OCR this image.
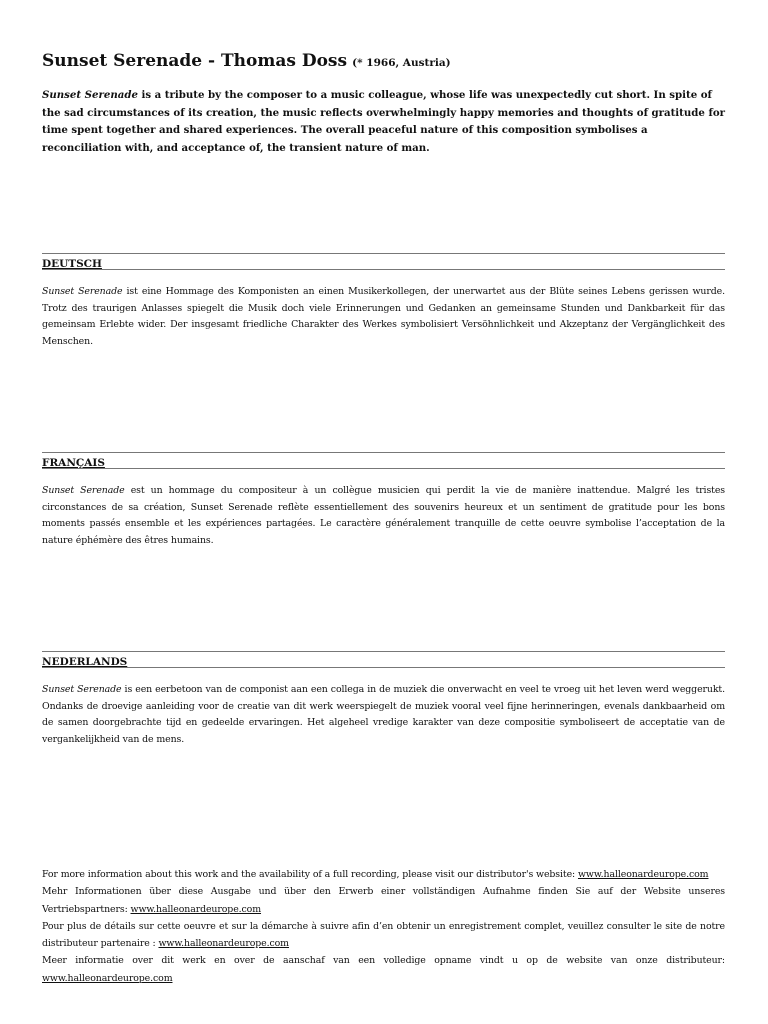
Sunset Serenade - Thomas Doss (* 1966, Austria)

Sunset Serenade is a tribute by the composer to a music colleague, whose life was unexpectedly cut short. In spite of the sad circumstances of its creation, the music reflects overwhelmingly happy memories and thoughts of gratitude for time spent together and shared experiences. The overall peaceful nature of this composition symbolises a reconciliation with, and acceptance of, the transient nature of man.

DEUTSCH

Sunset Serenade ist eine Hommage des Komponisten an einen Musikerkollegen, der unerwartet aus der Blüte seines Lebens gerissen wurde. Trotz des traurigen Anlasses spiegelt die Musik doch viele Erinnerungen und Gedanken an gemeinsame Stunden und Dankbarkeit für das gemeinsam Erlebte wider. Der insgesamt friedliche Charakter des Werkes symbolisiert Versöhnlichkeit und Akzeptanz der Vergänglichkeit des Menschen.

FRANÇAIS

Sunset Serenade est un hommage du compositeur à un collègue musicien qui perdit la vie de manière inattendue. Malgré les tristes circonstances de sa création, Sunset Serenade reflète essentiellement des souvenirs heureux et un sentiment de gratitude pour les bons moments passés ensemble et les expériences partagées. Le caractère généralement tranquille de cette oeuvre symbolise l’acceptation de la nature éphémère des êtres humains.

NEDERLANDS

Sunset Serenade is een eerbetoon van de componist aan een collega in de muziek die onverwacht en veel te vroeg uit het leven werd weggerukt. Ondanks de droevige aanleiding voor de creatie van dit werk weerspiegelt de muziek vooral veel fijne herinneringen, evenals dankbaarheid om de samen doorgebrachte tijd en gedeelde ervaringen. Het algeheel vredige karakter van deze compositie symboliseert de acceptatie van de vergankelijkheid van de mens.

For more information about this work and the availability of a full recording, please visit our distributor's website: www.halleonardeurope.com

Mehr Informationen über diese Ausgabe und über den Erwerb einer vollständigen Aufnahme finden Sie auf der Website unseres Vertriebspartners: www.halleonardeurope.com

Pour plus de détails sur cette oeuvre et sur la démarche à suivre afin d’en obtenir un enregistrement complet, veuillez consulter le site de notre distributeur partenaire : www.halleonardeurope.com

Meer informatie over dit werk en over de aanschaf van een volledige opname vindt u op de website van onze distributeur: www.halleonardeurope.com
